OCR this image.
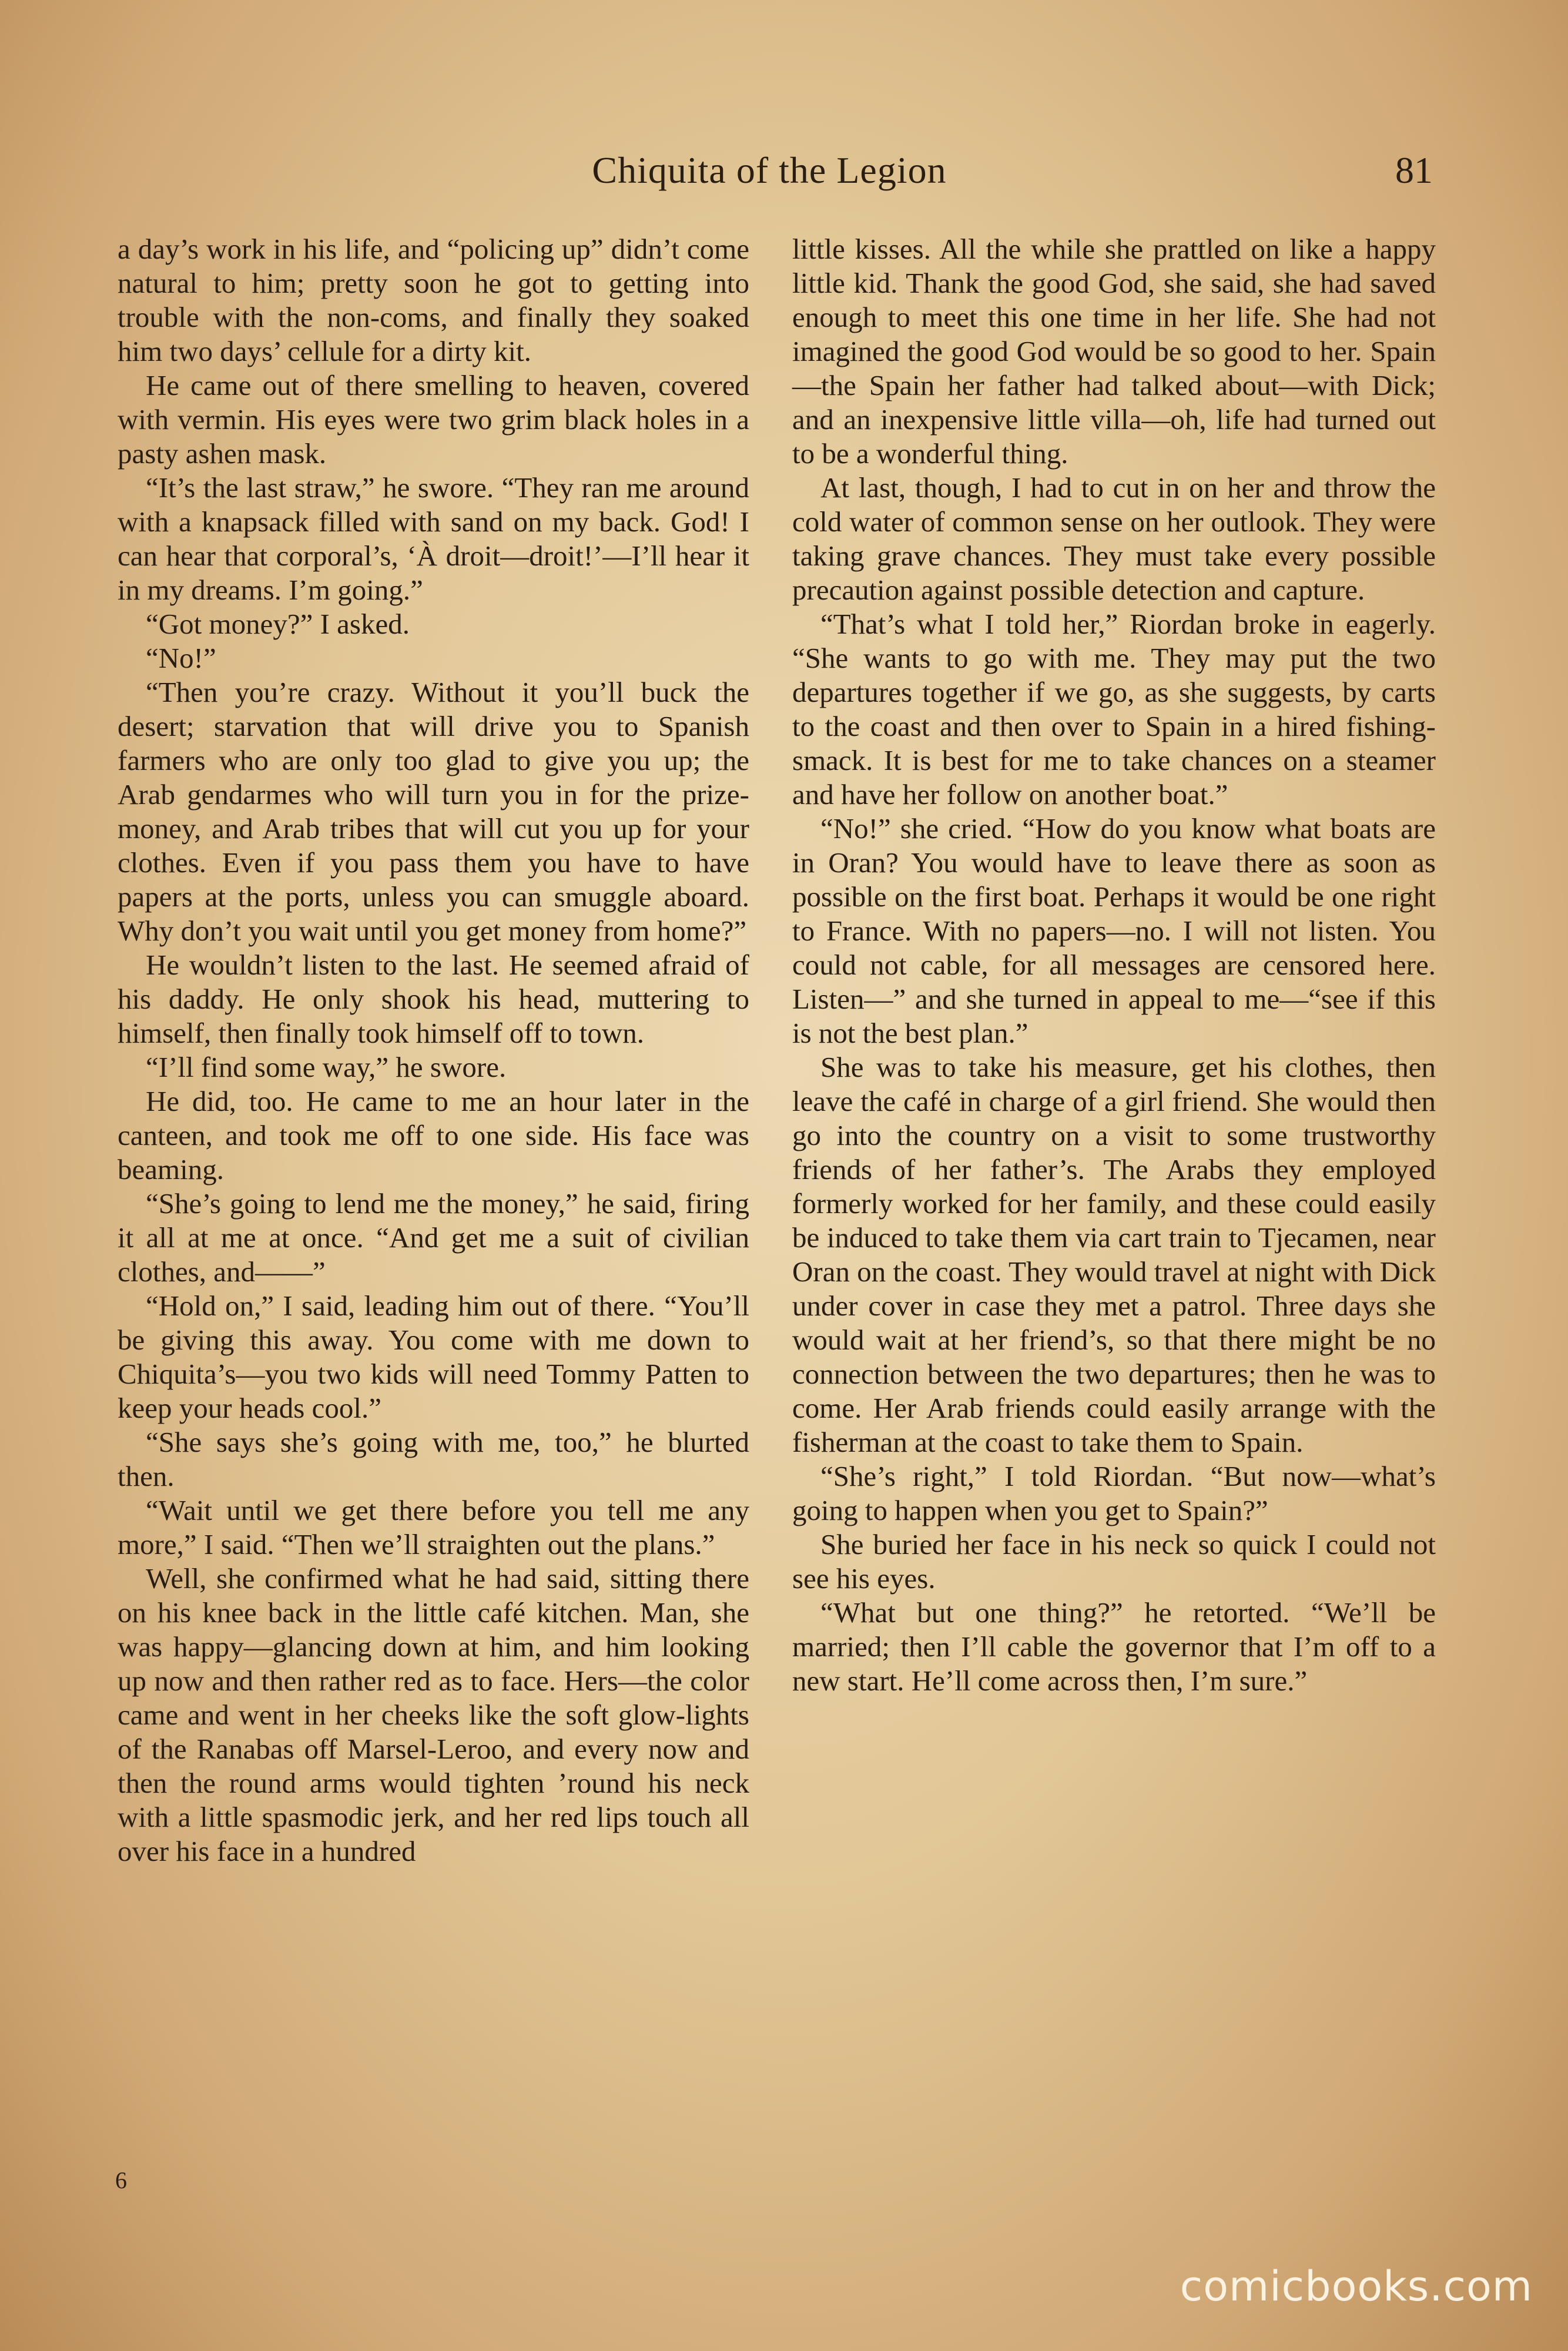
Chiquita of the Legion	81

a day’s work in his life, and “policing up” didn’t come natural to him; pretty soon he got to getting into trouble with the non-coms, and finally they soaked him two days’ cellule for a dirty kit.

He came out of there smelling to heaven, covered with vermin. His eyes were two grim black holes in a pasty ashen mask.

“It’s the last straw,” he swore. “They ran me around with a knapsack filled with sand on my back. God! I can hear that corporal’s, ‘À droit—droit!’—I’ll hear it in my dreams. I’m going.”

“Got money?” I asked.

“No!”

“Then you’re crazy. Without it you’ll buck the desert; starvation that will drive you to Spanish farmers who are only too glad to give you up; the Arab gendarmes who will turn you in for the prize-money, and Arab tribes that will cut you up for your clothes. Even if you pass them you have to have papers at the ports, unless you can smuggle aboard. Why don’t you wait until you get money from home?”

He wouldn’t listen to the last. He seemed afraid of his daddy. He only shook his head, muttering to himself, then finally took himself off to town.

“I’ll find some way,” he swore.

He did, too. He came to me an hour later in the canteen, and took me off to one side. His face was beaming.

“She’s going to lend me the money,” he said, firing it all at me at once. “And get me a suit of civilian clothes, and——”

“Hold on,” I said, leading him out of there. “You’ll be giving this away. You come with me down to Chiquita’s—you two kids will need Tommy Patten to keep your heads cool.”

“She says she’s going with me, too,” he blurted then.

“Wait until we get there before you tell me any more,” I said. “Then we’ll straighten out the plans.”

Well, she confirmed what he had said, sitting there on his knee back in the little café kitchen. Man, she was happy—glancing down at him, and him looking up now and then rather red as to face. Hers—the color came and went in her cheeks like the soft glow-lights of the Ranabas off Marsel-Leroo, and every now and then the round arms would tighten ’round his neck with a little spasmodic jerk, and her red lips touch all over his face in a hundred

little kisses. All the while she prattled on like a happy little kid. Thank the good God, she said, she had saved enough to meet this one time in her life. She had not imagined the good God would be so good to her. Spain—the Spain her father had talked about—with Dick; and an inexpensive little villa—oh, life had turned out to be a wonderful thing.

At last, though, I had to cut in on her and throw the cold water of common sense on her outlook. They were taking grave chances. They must take every possible precaution against possible detection and capture.

“That’s what I told her,” Riordan broke in eagerly. “She wants to go with me. They may put the two departures together if we go, as she suggests, by carts to the coast and then over to Spain in a hired fishing-smack. It is best for me to take chances on a steamer and have her follow on another boat.”

“No!” she cried. “How do you know what boats are in Oran? You would have to leave there as soon as possible on the first boat. Perhaps it would be one right to France. With no papers—no. I will not listen. You could not cable, for all messages are censored here. Listen—” and she turned in appeal to me—“see if this is not the best plan.”

She was to take his measure, get his clothes, then leave the café in charge of a girl friend. She would then go into the country on a visit to some trustworthy friends of her father’s. The Arabs they employed formerly worked for her family, and these could easily be induced to take them via cart train to Tjecamen, near Oran on the coast. They would travel at night with Dick under cover in case they met a patrol. Three days she would wait at her friend’s, so that there might be no connection between the two departures; then he was to come. Her Arab friends could easily arrange with the fisherman at the coast to take them to Spain.

“She’s right,” I told Riordan. “But now—what’s going to happen when you get to Spain?”

She buried her face in his neck so quick I could not see his eyes.

“What but one thing?” he retorted. “We’ll be married; then I’ll cable the governor that I’m off to a new start. He’ll come across then, I’m sure.”

6
comicbooks.com
